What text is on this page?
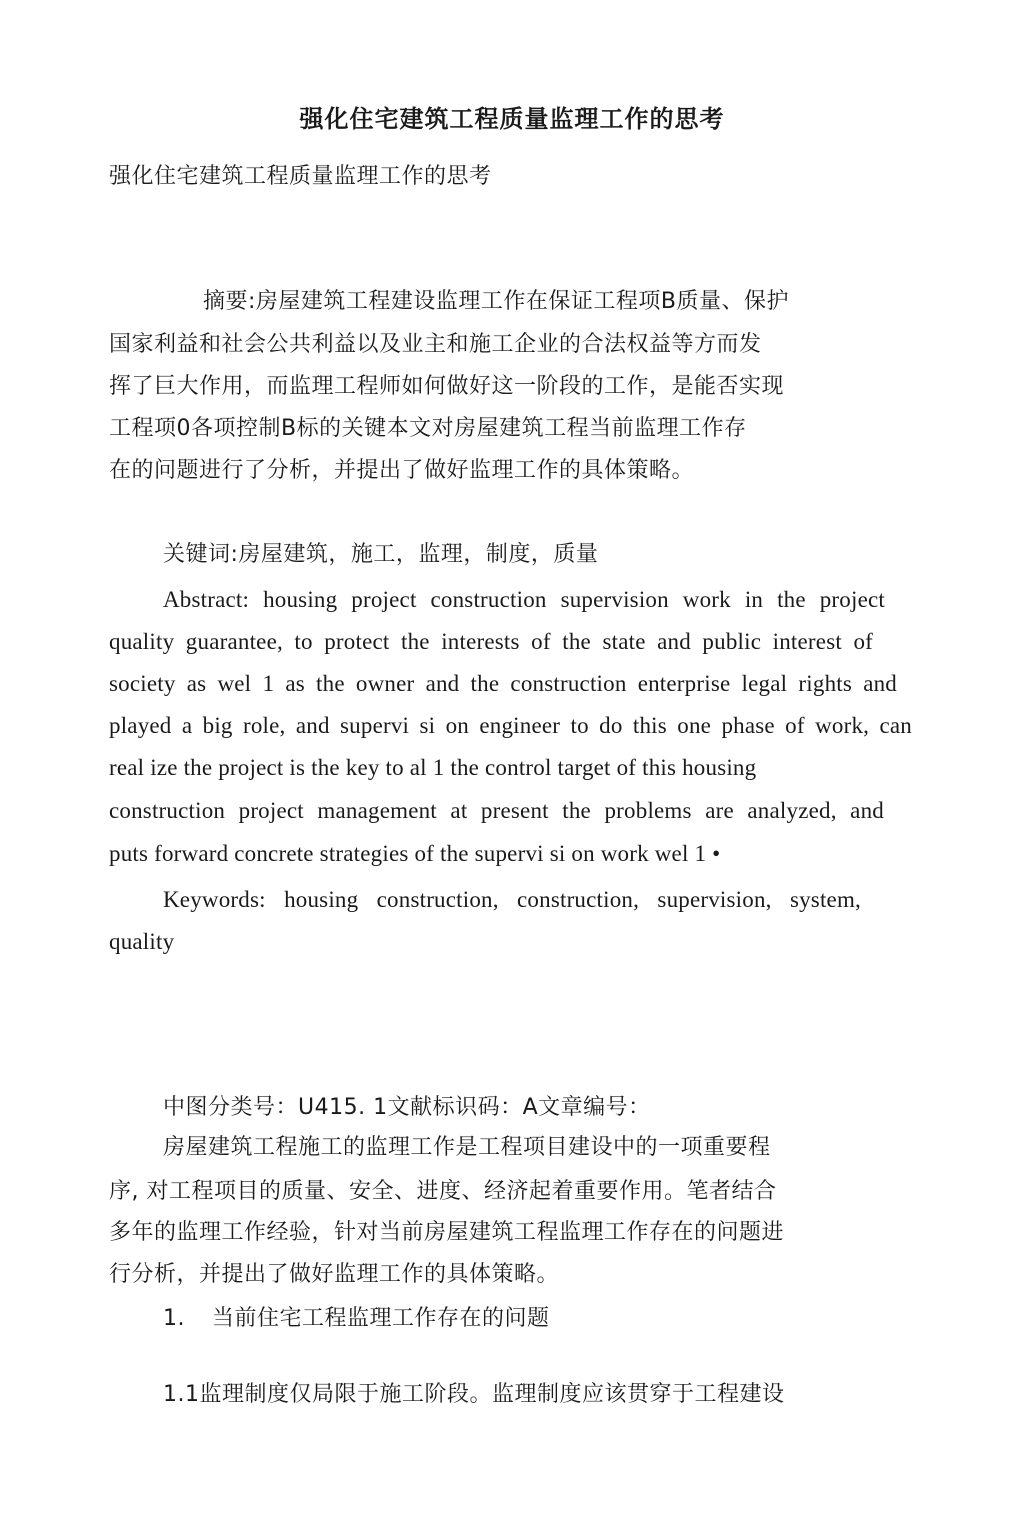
强化住宅建筑工程质量监理工作的思考

强化住宅建筑工程质量监理工作的思考

摘要:房屋建筑工程建设监理工作在保证工程项B质量、保护

国家利益和社会公共利益以及业主和施工企业的合法权益等方而发

挥了巨大作用，而监理工程师如何做好这一阶段的工作，是能否实现

工程项0各项控制B标的关键本文对房屋建筑工程当前监理工作存

在的问题进行了分析，并提出了做好监理工作的具体策略。

关键词:房屋建筑，施工，监理，制度，质量

Abstract: housing project construction supervision work in the project

quality guarantee, to protect the interests of the state and public interest of

society as wel 1 as the owner and the construction enterprise legal rights and

played a big role, and supervi si on engineer to do this one phase of work, can

real ize the project is the key to al 1 the control target of this housing

construction project management at present the problems are analyzed, and

puts forward concrete strategies of the supervi si on work wel 1 •

Keywords: housing construction, construction, supervision, system,

quality

中图分类号：U415. 1文献标识码：A文章编号：

房屋建筑工程施工的监理工作是工程项目建设中的一项重要程

序, 对工程项目的质量、安全、进度、经济起着重要作用。笔者结合

多年的监理工作经验，针对当前房屋建筑工程监理工作存在的问题进

行分析，并提出了做好监理工作的具体策略。

1. 当前住宅工程监理工作存在的问题

1.1监理制度仅局限于施工阶段。监理制度应该贯穿于工程建设
